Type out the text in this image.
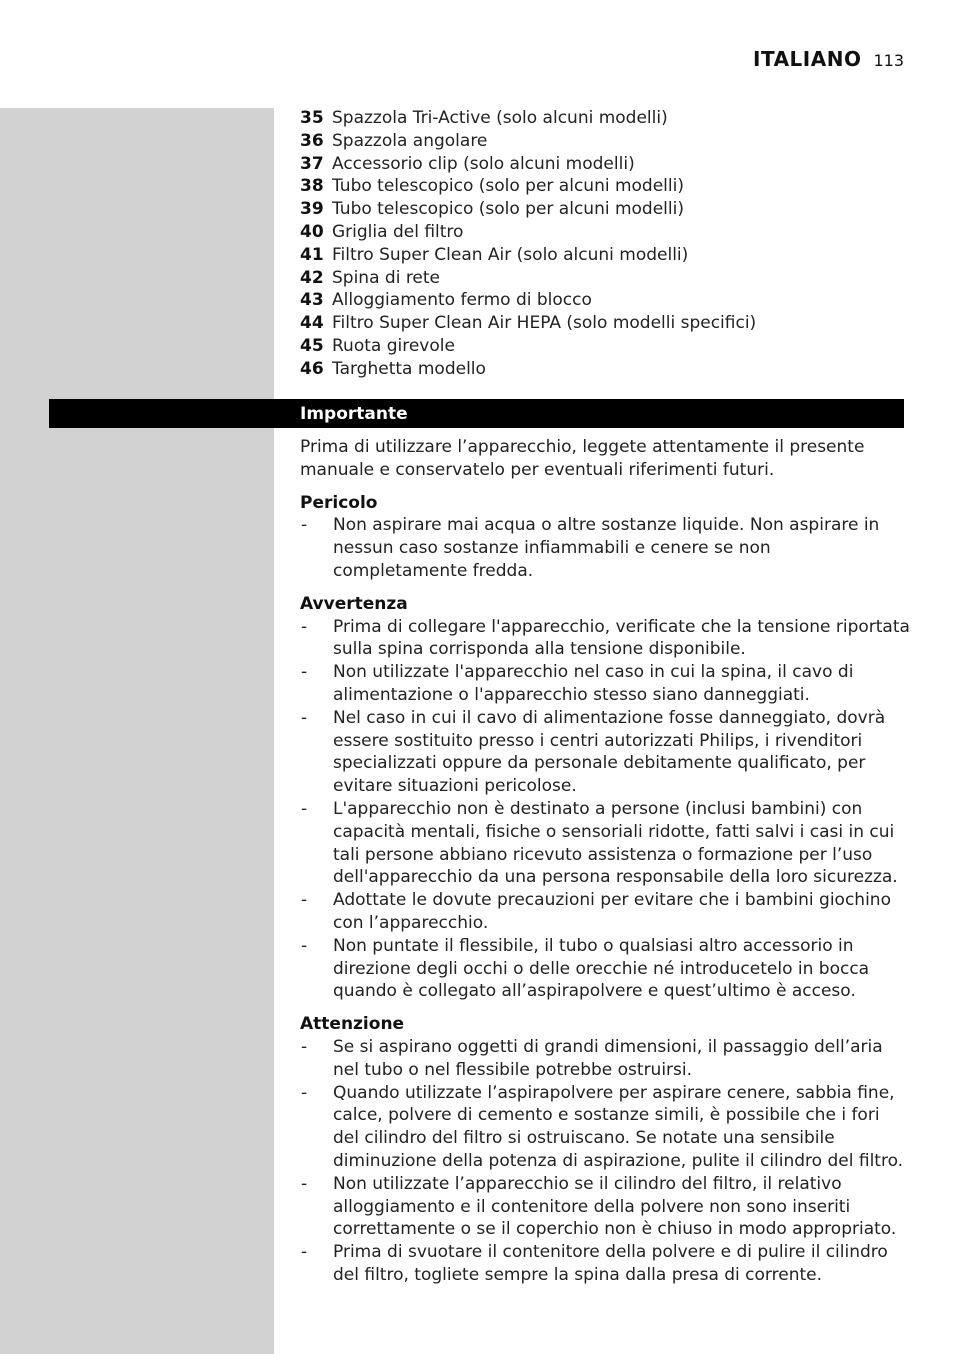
ITALIANO 113
35 Spazzola Tri-Active (solo alcuni modelli)
36 Spazzola angolare
37 Accessorio clip (solo alcuni modelli)
38 Tubo telescopico (solo per alcuni modelli)
39 Tubo telescopico (solo per alcuni modelli)
40 Griglia del filtro
41 Filtro Super Clean Air (solo alcuni modelli)
42 Spina di rete
43 Alloggiamento fermo di blocco
44 Filtro Super Clean Air HEPA (solo modelli specifici)
45 Ruota girevole
46 Targhetta modello
Importante

Prima di utilizzare l’apparecchio, leggete attentamente il presente manuale e conservatelo per eventuali riferimenti futuri.

Pericolo
-	Non aspirare mai acqua o altre sostanze liquide. Non aspirare in nessun caso sostanze infiammabili e cenere se non completamente fredda.
Avvertenza
-	Prima di collegare l'apparecchio, verificate che la tensione riportata sulla spina corrisponda alla tensione disponibile.
-	Non utilizzate l'apparecchio nel caso in cui la spina, il cavo di alimentazione o l'apparecchio stesso siano danneggiati.
-	Nel caso in cui il cavo di alimentazione fosse danneggiato, dovrà essere sostituito presso i centri autorizzati Philips, i rivenditori specializzati oppure da personale debitamente qualificato, per evitare situazioni pericolose.
-	L'apparecchio non è destinato a persone (inclusi bambini) con capacità mentali, fisiche o sensoriali ridotte, fatti salvi i casi in cui tali persone abbiano ricevuto assistenza o formazione per l’uso dell'apparecchio da una persona responsabile della loro sicurezza.
-	Adottate le dovute precauzioni per evitare che i bambini giochino con l’apparecchio.
-	Non puntate il flessibile, il tubo o qualsiasi altro accessorio in direzione degli occhi o delle orecchie né introducetelo in bocca quando è collegato all’aspirapolvere e quest’ultimo è acceso.
Attenzione
-	Se si aspirano oggetti di grandi dimensioni, il passaggio dell’aria nel tubo o nel flessibile potrebbe ostruirsi.
-	Quando utilizzate l’aspirapolvere per aspirare cenere, sabbia fine, calce, polvere di cemento e sostanze simili, è possibile che i fori del cilindro del filtro si ostruiscano. Se notate una sensibile diminuzione della potenza di aspirazione, pulite il cilindro del filtro.
-	Non utilizzate l’apparecchio se il cilindro del filtro, il relativo alloggiamento e il contenitore della polvere non sono inseriti correttamente o se il coperchio non è chiuso in modo appropriato.
-	Prima di svuotare il contenitore della polvere e di pulire il cilindro del filtro, togliete sempre la spina dalla presa di corrente.
